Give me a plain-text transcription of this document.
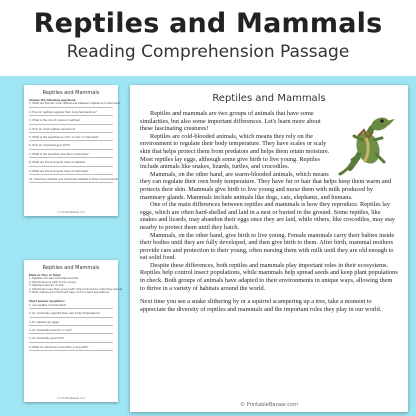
Reptiles and Mammals
Reading Comprehension Passage
Reptiles and Mammals
Answer the following questions:
1. What are the two main differences between reptiles and mammals?
2. How do reptiles regulate their body temperature?
3. What is the role of scales in reptiles?
4. How do most reptiles reproduce?
5. What is the significance of fur or hair in mammals?
6. How do mammals give birth?
7. What is the parental care like in mammals?
8. What are the ecological roles of reptiles?
9. What are the ecological roles of mammals?
10. How have reptiles and mammals adapted to their environments?
© PrintableBazaar.com
Reptiles and Mammals
Mark as True or False:
1. Reptiles are warm-blooded animals.
2. Mammals give birth to live young.
3. Reptiles have fur or hair.
4. Mammals nurse their young with milk produced by mammary glands.
5. Both reptiles and mammals help control insect populations.
Short answer questions:
1. Are reptiles cold-blooded?
2. Do mammals regulate their own body temperature?
3. Do reptiles lay eggs?
4. Do mammals have fur or hair?
5. Do mammals give birth?
6. What do mammals nurse their young with?
© PrintableBazaar.com
Reptiles and Mammals

Reptiles and mammals are two groups of animals that have some similarities, but also some important differences. Let's learn more about these fascinating creatures!

Reptiles are cold-blooded animals, which means they rely on the environment to regulate their body temperature. They have scales or scaly skin that helps protect them from predators and helps them retain moisture. Most reptiles lay eggs, although some give birth to live young. Reptiles include animals like snakes, lizards, turtles, and crocodiles.

Mammals, on the other hand, are warm-blooded animals, which means they can regulate their own body temperature. They have fur or hair that helps keep them warm and protects their skin. Mammals give birth to live young and nurse them with milk produced by mammary glands. Mammals include animals like dogs, cats, elephants, and humans.

One of the main differences between reptiles and mammals is how they reproduce. Reptiles lay eggs, which are often hard-shelled and laid in a nest or buried in the ground. Some reptiles, like snakes and lizards, may abandon their eggs once they are laid, while others, like crocodiles, may stay nearby to protect them until they hatch.

Mammals, on the other hand, give birth to live young. Female mammals carry their babies inside their bodies until they are fully developed, and then give birth to them. After birth, mammal mothers provide care and protection to their young, often nursing them with milk until they are old enough to eat solid food.

Despite these differences, both reptiles and mammals play important roles in their ecosystems. Reptiles help control insect populations, while mammals help spread seeds and keep plant populations in check. Both groups of animals have adapted to their environments in unique ways, allowing them to thrive in a variety of habitats around the world.

Next time you see a snake slithering by or a squirrel scampering up a tree, take a moment to appreciate the diversity of reptiles and mammals and the important roles they play in our world.

© PrintableBazaar.com
